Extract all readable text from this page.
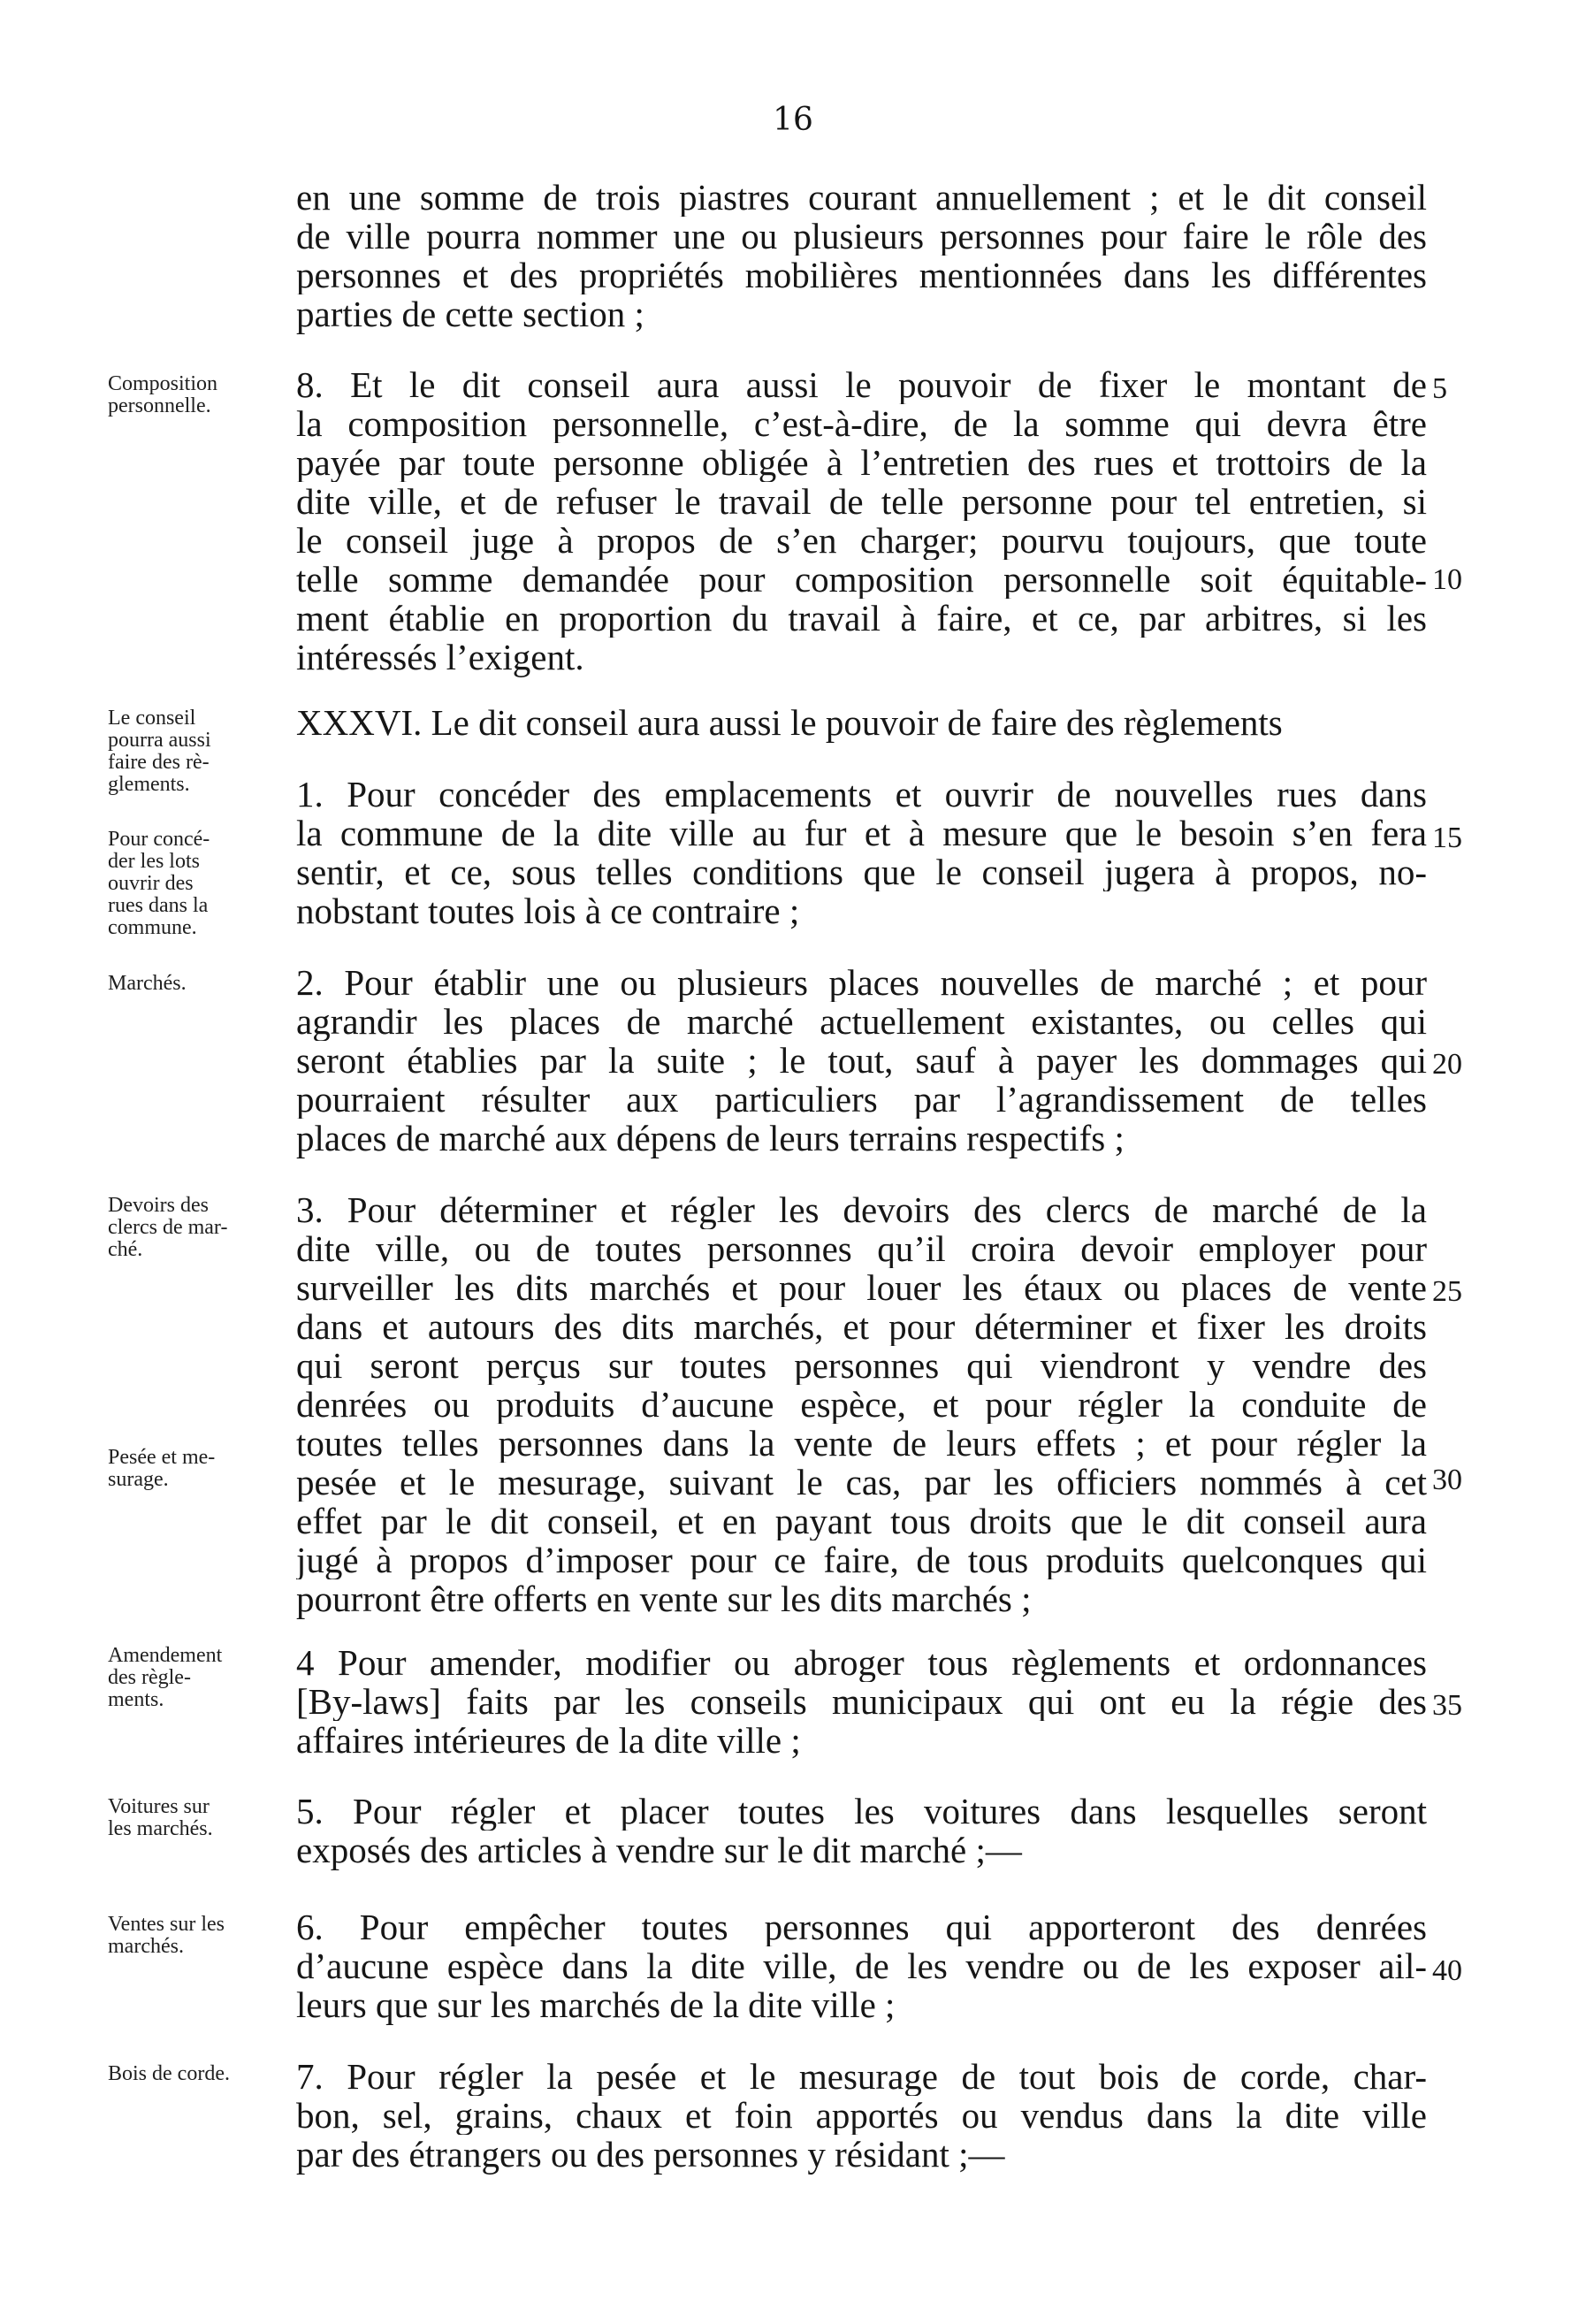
16
en une somme de trois piastres courant annuellement ; et le dit conseil
de ville pourra nommer une ou plusieurs personnes pour faire le rôle des
personnes et des propriétés mobilières mentionnées dans les différentes
parties de cette section ;
8. Et le dit conseil aura aussi le pouvoir de fixer le montant de
la composition personnelle, c’est-à-dire, de la somme qui devra être
payée par toute personne obligée à l’entretien des rues et trottoirs de la
dite ville, et de refuser le travail de telle personne pour tel entretien, si
le conseil juge à propos de s’en charger; pourvu toujours, que toute
telle somme demandée pour composition personnelle soit équitable-
ment établie en proportion du travail à faire, et ce, par arbitres, si les
intéressés l’exigent.
XXXVI. Le dit conseil aura aussi le pouvoir de faire des règlements
1. Pour concéder des emplacements et ouvrir de nouvelles rues dans
la commune de la dite ville au fur et à mesure que le besoin s’en fera
sentir, et ce, sous telles conditions que le conseil jugera à propos, no-
nobstant toutes lois à ce contraire ;
2. Pour établir une ou plusieurs places nouvelles de marché ; et pour
agrandir les places de marché actuellement existantes, ou celles qui
seront établies par la suite ; le tout, sauf à payer les dommages qui
pourraient résulter aux particuliers par l’agrandissement de telles
places de marché aux dépens de leurs terrains respectifs ;
3. Pour déterminer et régler les devoirs des clercs de marché de la
dite ville, ou de toutes personnes qu’il croira devoir employer pour
surveiller les dits marchés et pour louer les étaux ou places de vente
dans et autours des dits marchés, et pour déterminer et fixer les droits
qui seront perçus sur toutes personnes qui viendront y vendre des
denrées ou produits d’aucune espèce, et pour régler la conduite de
toutes telles personnes dans la vente de leurs effets ; et pour régler la
pesée et le mesurage, suivant le cas, par les officiers nommés à cet
effet par le dit conseil, et en payant tous droits que le dit conseil aura
jugé à propos d’imposer pour ce faire, de tous produits quelconques qui
pourront être offerts en vente sur les dits marchés ;
4 Pour amender, modifier ou abroger tous règlements et ordonnances
[By-laws] faits par les conseils municipaux qui ont eu la régie des
affaires intérieures de la dite ville ;
5. Pour régler et placer toutes les voitures dans lesquelles seront
exposés des articles à vendre sur le dit marché ;—
6. Pour empêcher toutes personnes qui apporteront des denrées
d’aucune espèce dans la dite ville, de les vendre ou de les exposer ail-
leurs que sur les marchés de la dite ville ;
7. Pour régler la pesée et le mesurage de tout bois de corde, char-
bon, sel, grains, chaux et foin apportés ou vendus dans la dite ville
par des étrangers ou des personnes y résidant ;—
Composition
personnelle.
Le conseil
pourra aussi
faire des rè-
glements.
Pour concé-
der les lots
ouvrir des
rues dans la
commune.
Marchés.
Devoirs des
clercs de mar-
ché.
Pesée et me-
surage.
Amendement
des règle-
ments.
Voitures sur
les marchés.
Ventes sur les
marchés.
Bois de corde.
5
10
15
20
25
30
35
40
